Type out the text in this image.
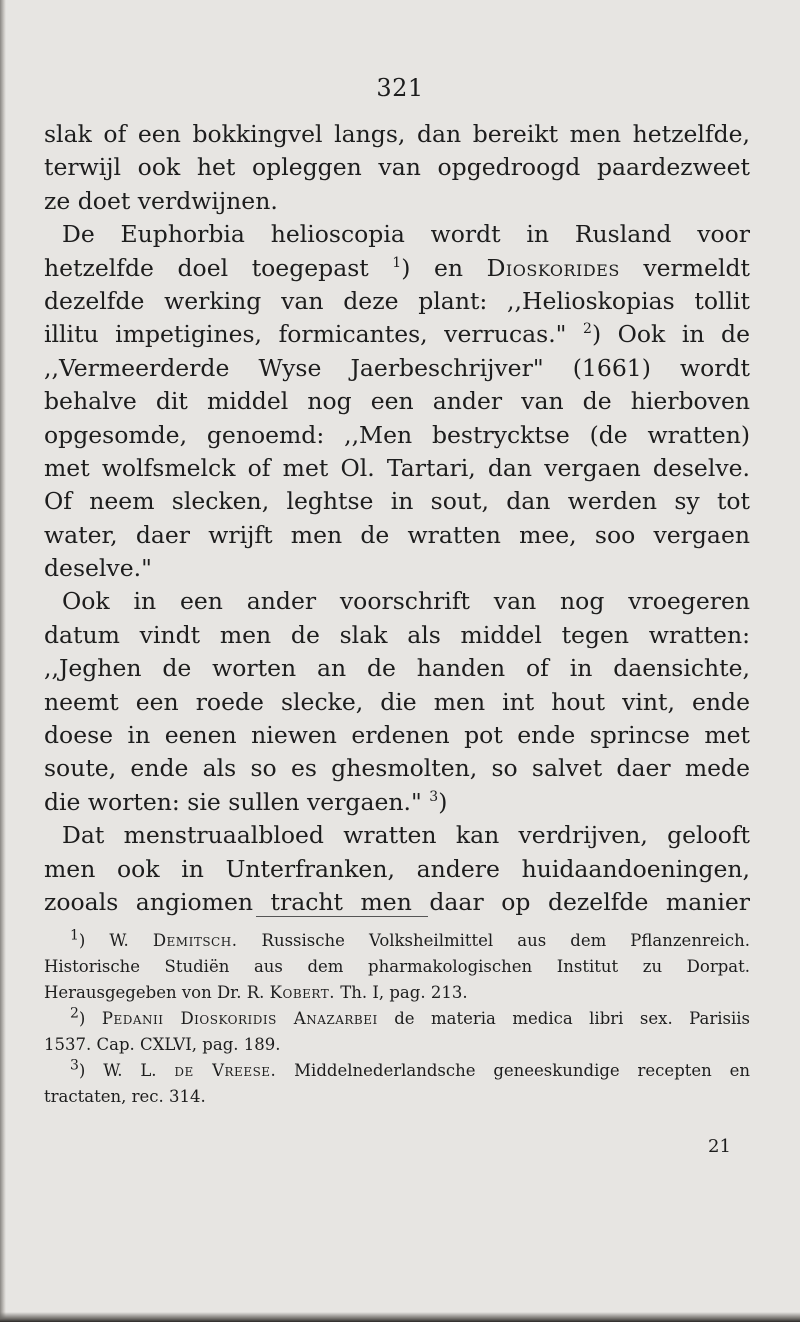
321
slak of een bokkingvel langs, dan bereikt men hetzelfde,
terwijl ook het opleggen van opgedroogd paardezweet
ze doet verdwijnen.
De Euphorbia helioscopia wordt in Rusland voor
hetzelfde doel toegepast $^1$) en Dioskorides vermeldt
dezelfde werking van deze plant: ,,Helioskopias tollit
illitu impetigines, formicantes, verrucas." $^2$) Ook in de
,,Vermeerderde Wyse Jaerbeschrijver" (1661) wordt
behalve dit middel nog een ander van de hierboven
opgesomde, genoemd: ,,Men bestrycktse (de wratten)
met wolfsmelck of met Ol. Tartari, dan vergaen deselve.
Of neem slecken, leghtse in sout, dan werden sy tot
water, daer wrijft men de wratten mee, soo vergaen
deselve."
Ook in een ander voorschrift van nog vroegeren
datum vindt men de slak als middel tegen wratten:
,,Jeghen de worten an de handen of in daensichte,
neemt een roede slecke, die men int hout vint, ende
doese in eenen niewen erdenen pot ende sprincse met
soute, ende als so es ghesmolten, so salvet daer mede
die worten: sie sullen vergaen." $^3$)
Dat menstruaalbloed wratten kan verdrijven, gelooft
men ook in Unterfranken, andere huidaandoeningen,
zooals angiomen tracht men daar op dezelfde manier
$^1$) W. Demitsch. Russische Volksheilmittel aus dem Pflanzenreich.
Historische Studiën aus dem pharmakologischen Institut zu Dorpat.
Herausgegeben von Dr. R. Kobert. Th. I, pag. 213.
$^2$) Pedanii Dioskoridis Anazarbei de materia medica libri sex. Parisiis
1537. Cap. CXLVI, pag. 189.
$^3$) W. L. de Vreese. Middelnederlandsche geneeskundige recepten en
tractaten, rec. 314.
21
